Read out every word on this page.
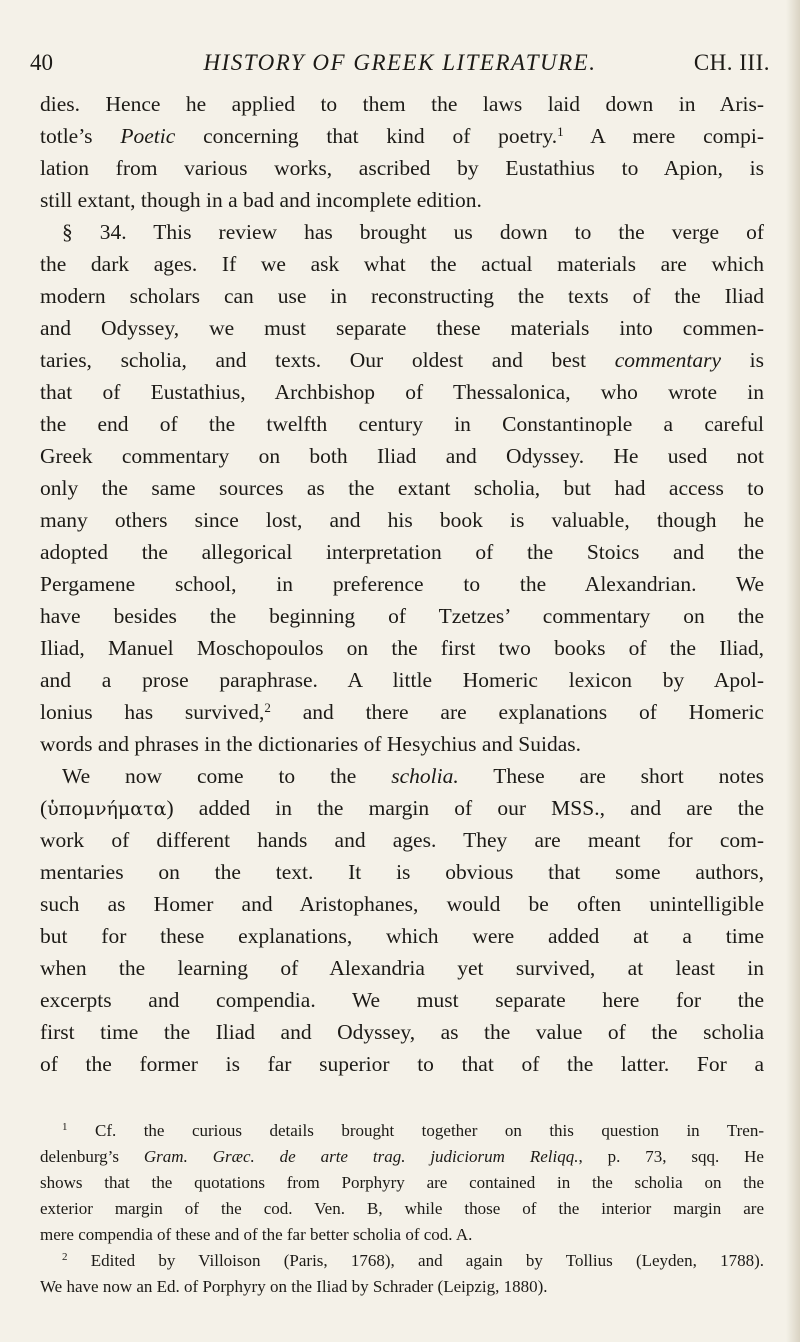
40	HISTORY OF GREEK LITERATURE.	CH. III.
dies. Hence he applied to them the laws laid down in Aris-
totle’s Poetic concerning that kind of poetry.$^1$ A mere compi-
lation from various works, ascribed by Eustathius to Apion, is
still extant, though in a bad and incomplete edition.
§ 34. This review has brought us down to the verge of
the dark ages. If we ask what the actual materials are which
modern scholars can use in reconstructing the texts of the Iliad
and Odyssey, we must separate these materials into commen-
taries, scholia, and texts. Our oldest and best commentary is
that of Eustathius, Archbishop of Thessalonica, who wrote in
the end of the twelfth century in Constantinople a careful
Greek commentary on both Iliad and Odyssey. He used not
only the same sources as the extant scholia, but had access to
many others since lost, and his book is valuable, though he
adopted the allegorical interpretation of the Stoics and the
Pergamene school, in preference to the Alexandrian. We
have besides the beginning of Tzetzes’ commentary on the
Iliad, Manuel Moschopoulos on the first two books of the Iliad,
and a prose paraphrase. A little Homeric lexicon by Apol-
lonius has survived,$^2$ and there are explanations of Homeric
words and phrases in the dictionaries of Hesychius and Suidas.
We now come to the scholia. These are short notes
(ὑπομνήματα) added in the margin of our MSS., and are the
work of different hands and ages. They are meant for com-
mentaries on the text. It is obvious that some authors,
such as Homer and Aristophanes, would be often unintelligible
but for these explanations, which were added at a time
when the learning of Alexandria yet survived, at least in
excerpts and compendia. We must separate here for the
first time the Iliad and Odyssey, as the value of the scholia
of the former is far superior to that of the latter. For a
$^1$ Cf. the curious details brought together on this question in Tren-
delenburg’s Gram. Græc. de arte trag. judiciorum Reliqq., p. 73, sqq. He
shows that the quotations from Porphyry are contained in the scholia on the
exterior margin of the cod. Ven. B, while those of the interior margin are
mere compendia of these and of the far better scholia of cod. A.
$^2$ Edited by Villoison (Paris, 1768), and again by Tollius (Leyden, 1788).
We have now an Ed. of Porphyry on the Iliad by Schrader (Leipzig, 1880).
